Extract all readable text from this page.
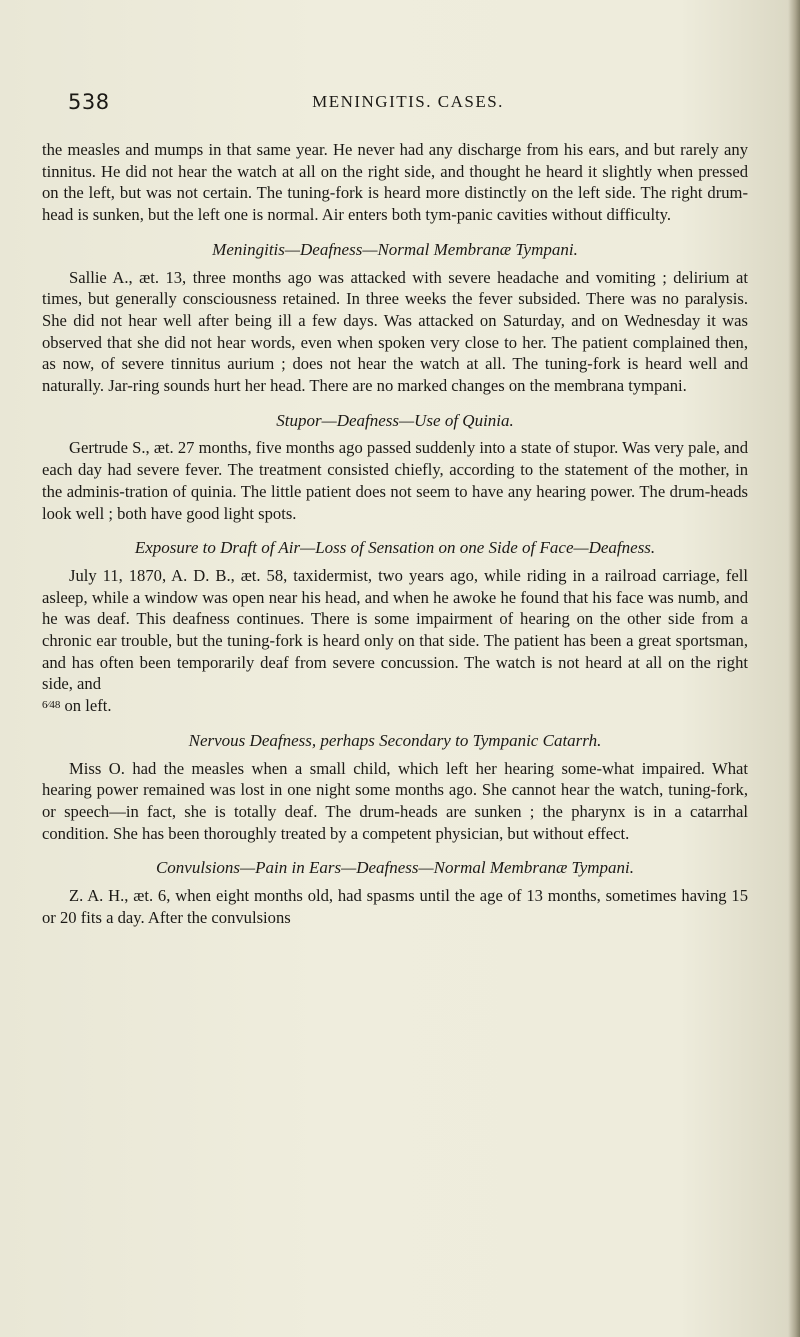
538	MENINGITIS. CASES.

the measles and mumps in that same year. He never had any discharge from his ears, and but rarely any tinnitus. He did not hear the watch at all on the right side, and thought he heard it slightly when pressed on the left, but was not certain. The tuning-fork is heard more distinctly on the left side. The right drum-head is sunken, but the left one is normal. Air enters both tym-panic cavities without difficulty.

Meningitis—Deafness—Normal Membranæ Tympani.

Sallie A., æt. 13, three months ago was attacked with severe headache and vomiting ; delirium at times, but generally consciousness retained. In three weeks the fever subsided. There was no paralysis. She did not hear well after being ill a few days. Was attacked on Saturday, and on Wednesday it was observed that she did not hear words, even when spoken very close to her. The patient complained then, as now, of severe tinnitus aurium ; does not hear the watch at all. The tuning-fork is heard well and naturally. Jar-ring sounds hurt her head. There are no marked changes on the membrana tympani.

Stupor—Deafness—Use of Quinia.

Gertrude S., æt. 27 months, five months ago passed suddenly into a state of stupor. Was very pale, and each day had severe fever. The treatment consisted chiefly, according to the statement of the mother, in the adminis-tration of quinia. The little patient does not seem to have any hearing power. The drum-heads look well ; both have good light spots.

Exposure to Draft of Air—Loss of Sensation on one Side of Face—Deafness.

July 11, 1870, A. D. B., æt. 58, taxidermist, two years ago, while riding in a railroad carriage, fell asleep, while a window was open near his head, and when he awoke he found that his face was numb, and he was deaf. This deafness continues. There is some impairment of hearing on the other side from a chronic ear trouble, but the tuning-fork is heard only on that side. The patient has been a great sportsman, and has often been temporarily deaf from severe concussion. The watch is not heard at all on the right side, and
6⁄48 on left.

Nervous Deafness, perhaps Secondary to Tympanic Catarrh.

Miss O. had the measles when a small child, which left her hearing some-what impaired. What hearing power remained was lost in one night some months ago. She cannot hear the watch, tuning-fork, or speech—in fact, she is totally deaf. The drum-heads are sunken ; the pharynx is in a catarrhal condition. She has been thoroughly treated by a competent physician, but without effect.

Convulsions—Pain in Ears—Deafness—Normal Membranæ Tympani.

Z. A. H., æt. 6, when eight months old, had spasms until the age of 13 months, sometimes having 15 or 20 fits a day. After the convulsions
